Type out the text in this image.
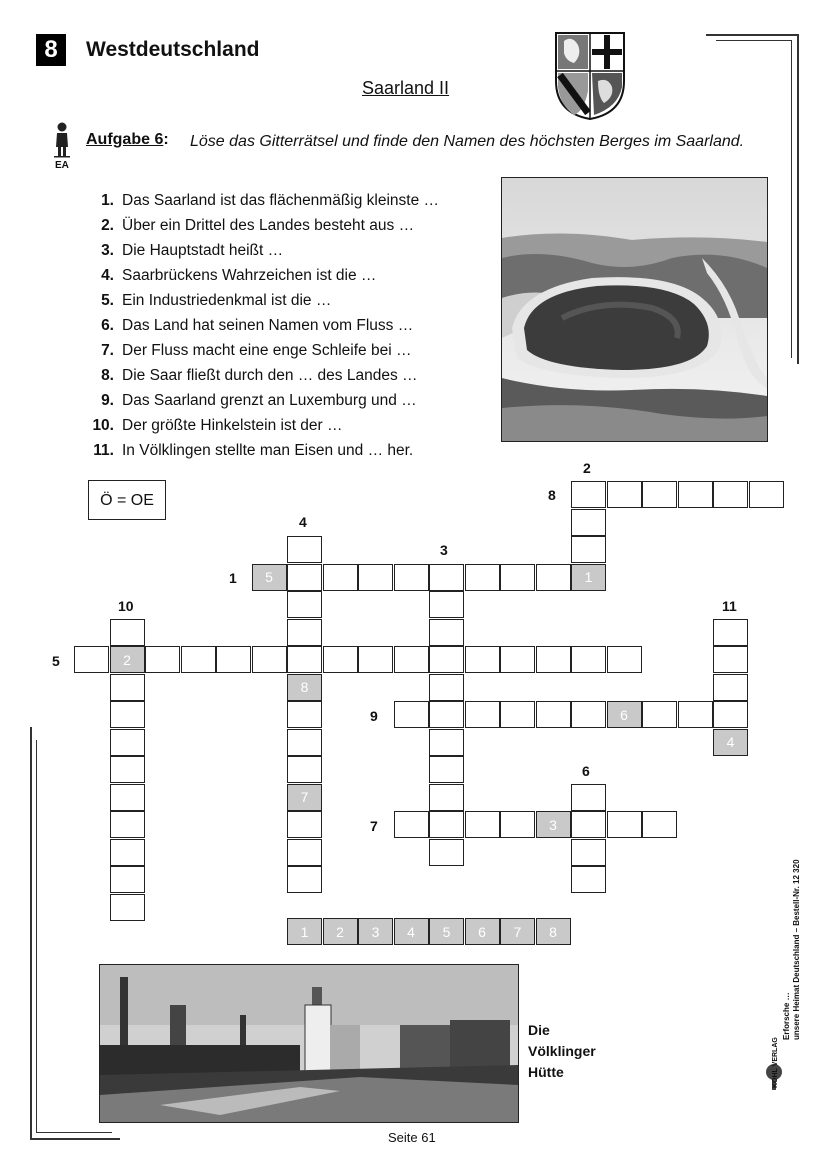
8	Westdeutschland
Saarland II
EA
Aufgabe 6: Löse das Gitterrätsel und finde den Namen des höchsten Berges im Saarland.
1. Das Saarland ist das flächenmäßig kleinste …
2. Über ein Drittel des Landes besteht aus …
3. Die Hauptstadt heißt …
4. Saarbrückens Wahrzeichen ist die …
5. Ein Industriedenkmal ist die …
6. Das Land hat seinen Namen vom Fluss …
7. Der Fluss macht eine enge Schleife bei …
8. Die Saar fließt durch den … des Landes …
9. Das Saarland grenzt an Luxemburg und …
10. Der größte Hinkelstein ist der …
11. In Völklingen stellte man Eisen und … her.
Ö = OE
1
2
3
4
5
6
7
8
9
10	11
5	1
8
7
2
3
6
4
1	2	3	4	5	6	7	8
Die
Völklinger
Hütte
Seite 61
Erforsche … unsere Heimat Deutschland – Bestell-Nr. 12 320
KOHL VERLAG
